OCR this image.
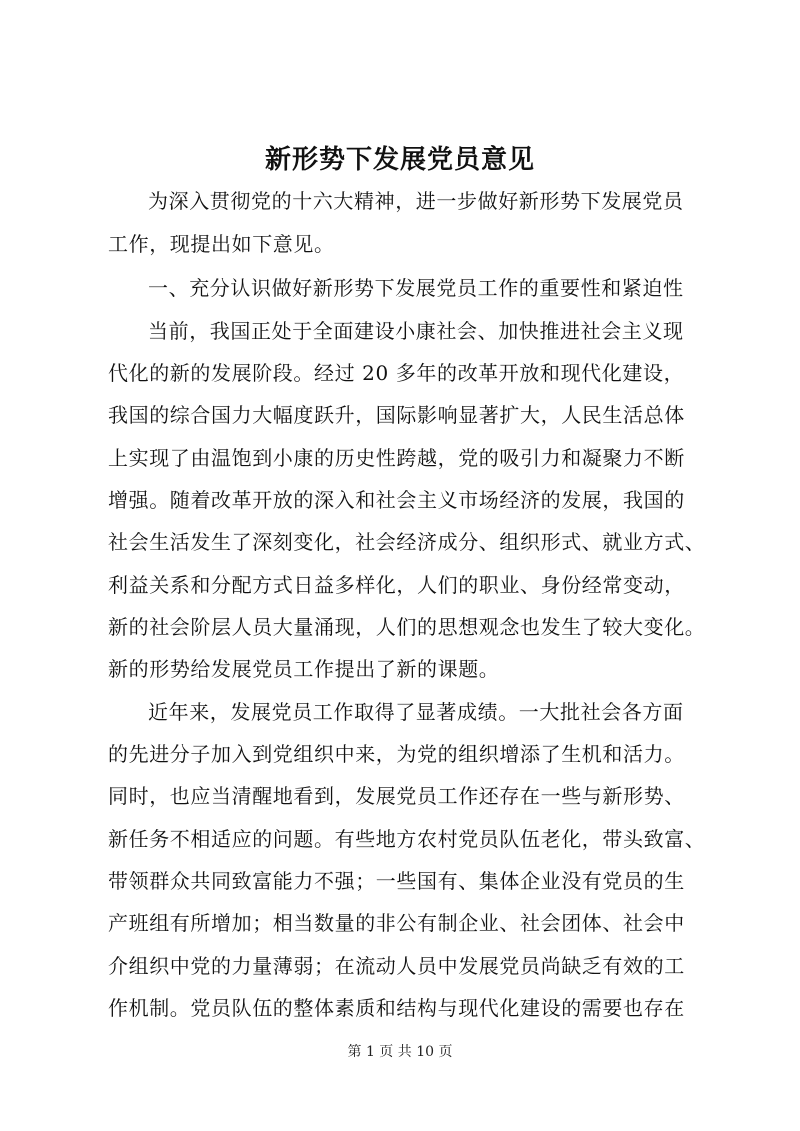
新形势下发展党员意见
为深入贯彻党的十六大精神，进一步做好新形势下发展党员
工作，现提出如下意见。
一、充分认识做好新形势下发展党员工作的重要性和紧迫性
当前，我国正处于全面建设小康社会、加快推进社会主义现
代化的新的发展阶段。经过 20 多年的改革开放和现代化建设，
我国的综合国力大幅度跃升，国际影响显著扩大，人民生活总体
上实现了由温饱到小康的历史性跨越，党的吸引力和凝聚力不断
增强。随着改革开放的深入和社会主义市场经济的发展，我国的
社会生活发生了深刻变化，社会经济成分、组织形式、就业方式、
利益关系和分配方式日益多样化，人们的职业、身份经常变动，
新的社会阶层人员大量涌现，人们的思想观念也发生了较大变化。
新的形势给发展党员工作提出了新的课题。
近年来，发展党员工作取得了显著成绩。一大批社会各方面
的先进分子加入到党组织中来，为党的组织增添了生机和活力。
同时，也应当清醒地看到，发展党员工作还存在一些与新形势、
新任务不相适应的问题。有些地方农村党员队伍老化，带头致富、
带领群众共同致富能力不强；一些国有、集体企业没有党员的生
产班组有所增加；相当数量的非公有制企业、社会团体、社会中
介组织中党的力量薄弱；在流动人员中发展党员尚缺乏有效的工
作机制。党员队伍的整体素质和结构与现代化建设的需要也存在
第 1 页 共 10 页
